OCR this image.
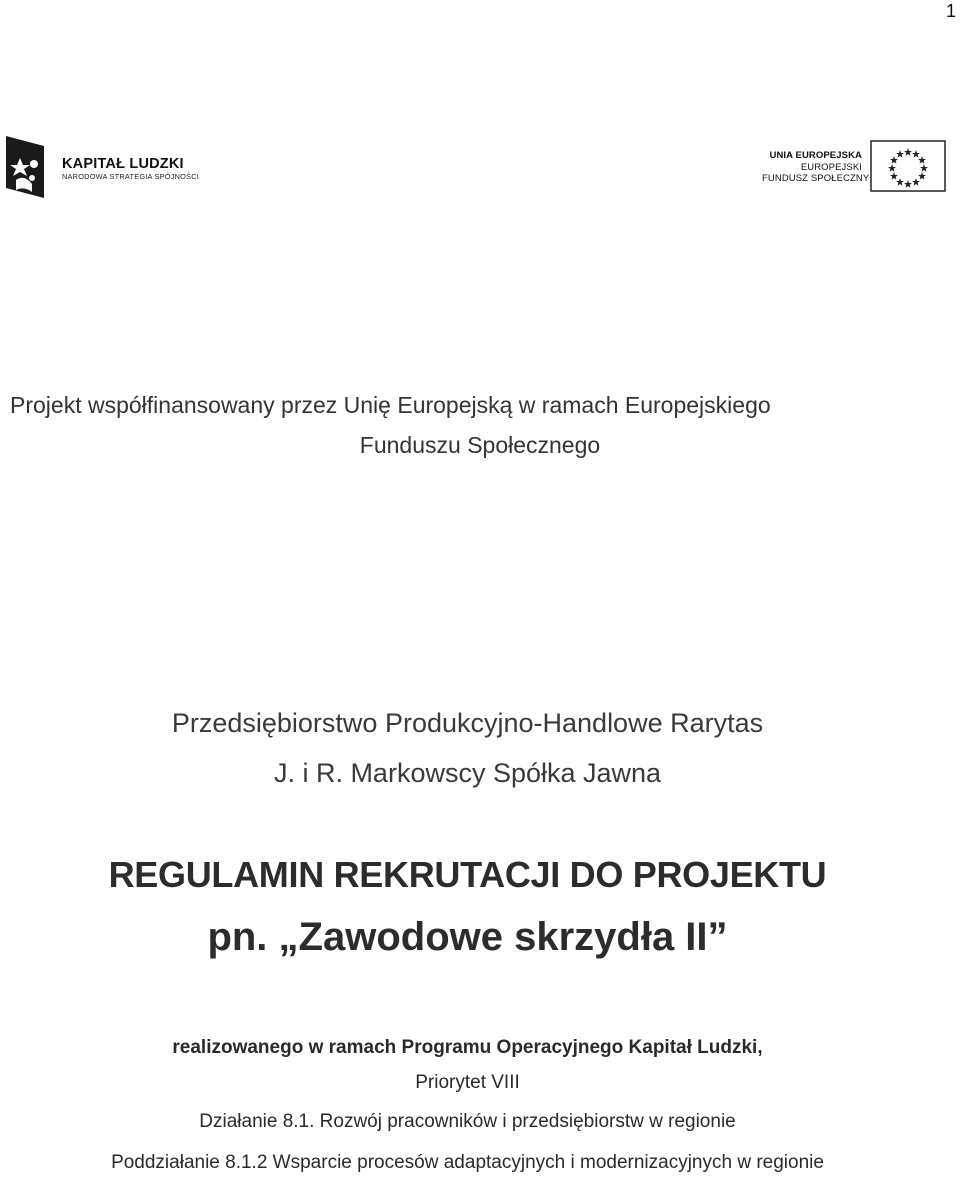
1
KAPITAŁ LUDZKI
NARODOWA STRATEGIA SPÓJNOŚCI
UNIA EUROPEJSKA
EUROPEJSKI
FUNDUSZ SPOŁECZNY
Projekt współfinansowany przez Unię Europejską w ramach Europejskiego
Funduszu Społecznego
Przedsiębiorstwo Produkcyjno-Handlowe Rarytas
J. i R. Markowscy Spółka Jawna
REGULAMIN REKRUTACJI DO PROJEKTU
pn. „Zawodowe skrzydła II”
realizowanego w ramach Programu Operacyjnego Kapitał Ludzki,
Priorytet VIII
Działanie 8.1. Rozwój pracowników i przedsiębiorstw w regionie
Poddziałanie 8.1.2 Wsparcie procesów adaptacyjnych i modernizacyjnych w regionie
